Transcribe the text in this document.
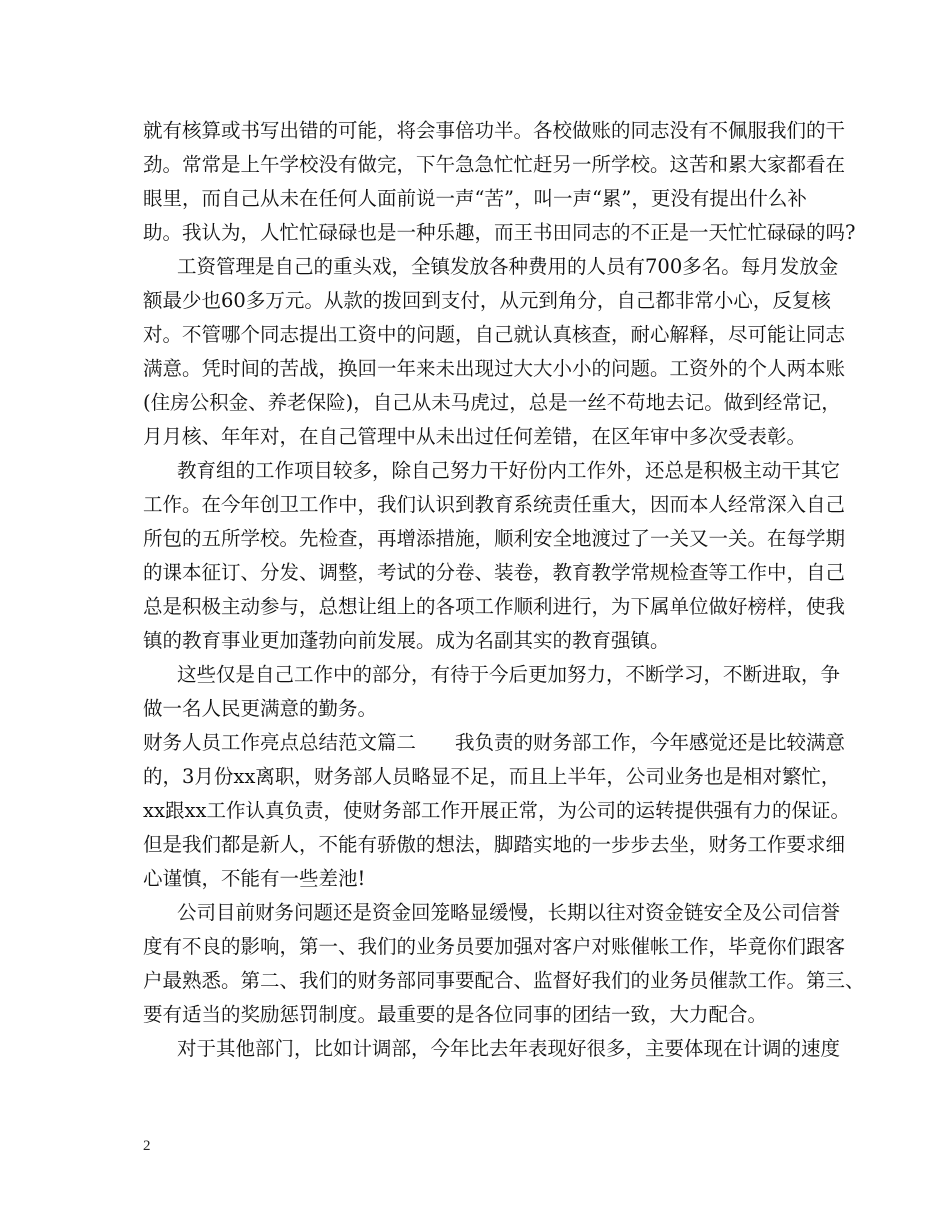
就有核算或书写出错的可能，将会事倍功半。各校做账的同志没有不佩服我们的干
劲。常常是上午学校没有做完，下午急急忙忙赶另一所学校。这苦和累大家都看在
眼里，而自己从未在任何人面前说一声“苦”，叫一声“累”，更没有提出什么补
助。我认为，人忙忙碌碌也是一种乐趣，而王书田同志的不正是一天忙忙碌碌的吗?
工资管理是自己的重头戏，全镇发放各种费用的人员有700多名。每月发放金
额最少也60多万元。从款的拨回到支付，从元到角分，自己都非常小心，反复核
对。不管哪个同志提出工资中的问题，自己就认真核查，耐心解释，尽可能让同志
满意。凭时间的苦战，换回一年来未出现过大大小小的问题。工资外的个人两本账
(住房公积金、养老保险)，自己从未马虎过，总是一丝不苟地去记。做到经常记，
月月核、年年对，在自己管理中从未出过任何差错，在区年审中多次受表彰。
教育组的工作项目较多，除自己努力干好份内工作外，还总是积极主动干其它
工作。在今年创卫工作中，我们认识到教育系统责任重大，因而本人经常深入自己
所包的五所学校。先检查，再增添措施，顺利安全地渡过了一关又一关。在每学期
的课本征订、分发、调整，考试的分卷、装卷，教育教学常规检查等工作中，自己
总是积极主动参与，总想让组上的各项工作顺利进行，为下属单位做好榜样，使我
镇的教育事业更加蓬勃向前发展。成为名副其实的教育强镇。
这些仅是自己工作中的部分，有待于今后更加努力，不断学习，不断进取，争
做一名人民更满意的勤务。
财务人员工作亮点总结范文篇二　　我负责的财务部工作，今年感觉还是比较满意
的，3月份xx离职，财务部人员略显不足，而且上半年，公司业务也是相对繁忙，
xx跟xx工作认真负责，使财务部工作开展正常，为公司的运转提供强有力的保证。
但是我们都是新人，不能有骄傲的想法，脚踏实地的一步步去坐，财务工作要求细
心谨慎，不能有一些差池!
公司目前财务问题还是资金回笼略显缓慢，长期以往对资金链安全及公司信誉
度有不良的影响，第一、我们的业务员要加强对客户对账催帐工作，毕竟你们跟客
户最熟悉。第二、我们的财务部同事要配合、监督好我们的业务员催款工作。第三、
要有适当的奖励惩罚制度。最重要的是各位同事的团结一致，大力配合。
对于其他部门，比如计调部，今年比去年表现好很多，主要体现在计调的速度
2
